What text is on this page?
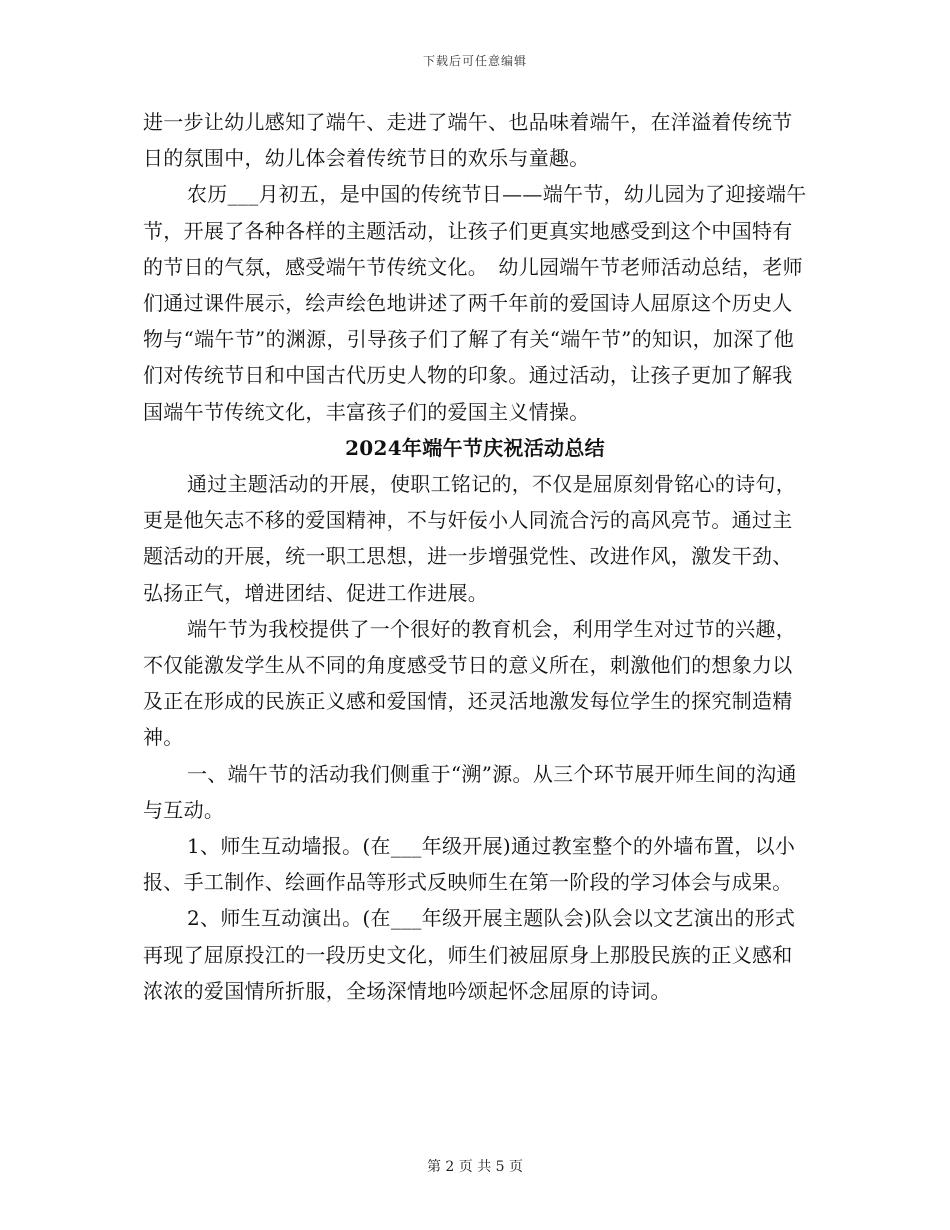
下载后可任意编辑

进一步让幼儿感知了端午、走进了端午、也品味着端午，在洋溢着传统节日的氛围中，幼儿体会着传统节日的欢乐与童趣。

农历___月初五，是中国的传统节日——端午节，幼儿园为了迎接端午节，开展了各种各样的主题活动，让孩子们更真实地感受到这个中国特有的节日的气氛，感受端午节传统文化。　幼儿园端午节老师活动总结，老师们通过课件展示，绘声绘色地讲述了两千年前的爱国诗人屈原这个历史人物与“端午节”的渊源，引导孩子们了解了有关“端午节”的知识，加深了他们对传统节日和中国古代历史人物的印象。通过活动，让孩子更加了解我国端午节传统文化，丰富孩子们的爱国主义情操。

2024年端午节庆祝活动总结

通过主题活动的开展，使职工铭记的，不仅是屈原刻骨铭心的诗句，更是他矢志不移的爱国精神，不与奸佞小人同流合污的高风亮节。通过主题活动的开展，统一职工思想，进一步增强党性、改进作风，激发干劲、弘扬正气，增进团结、促进工作进展。

端午节为我校提供了一个很好的教育机会，利用学生对过节的兴趣，不仅能激发学生从不同的角度感受节日的意义所在，刺激他们的想象力以及正在形成的民族正义感和爱国情，还灵活地激发每位学生的探究制造精神。

一、端午节的活动我们侧重于“溯”源。从三个环节展开师生间的沟通与互动。

1、师生互动墙报。(在___年级开展)通过教室整个的外墙布置，以小报、手工制作、绘画作品等形式反映师生在第一阶段的学习体会与成果。

2、师生互动演出。(在___年级开展主题队会)队会以文艺演出的形式再现了屈原投江的一段历史文化，师生们被屈原身上那股民族的正义感和浓浓的爱国情所折服，全场深情地吟颂起怀念屈原的诗词。

第 2 页 共 5 页
